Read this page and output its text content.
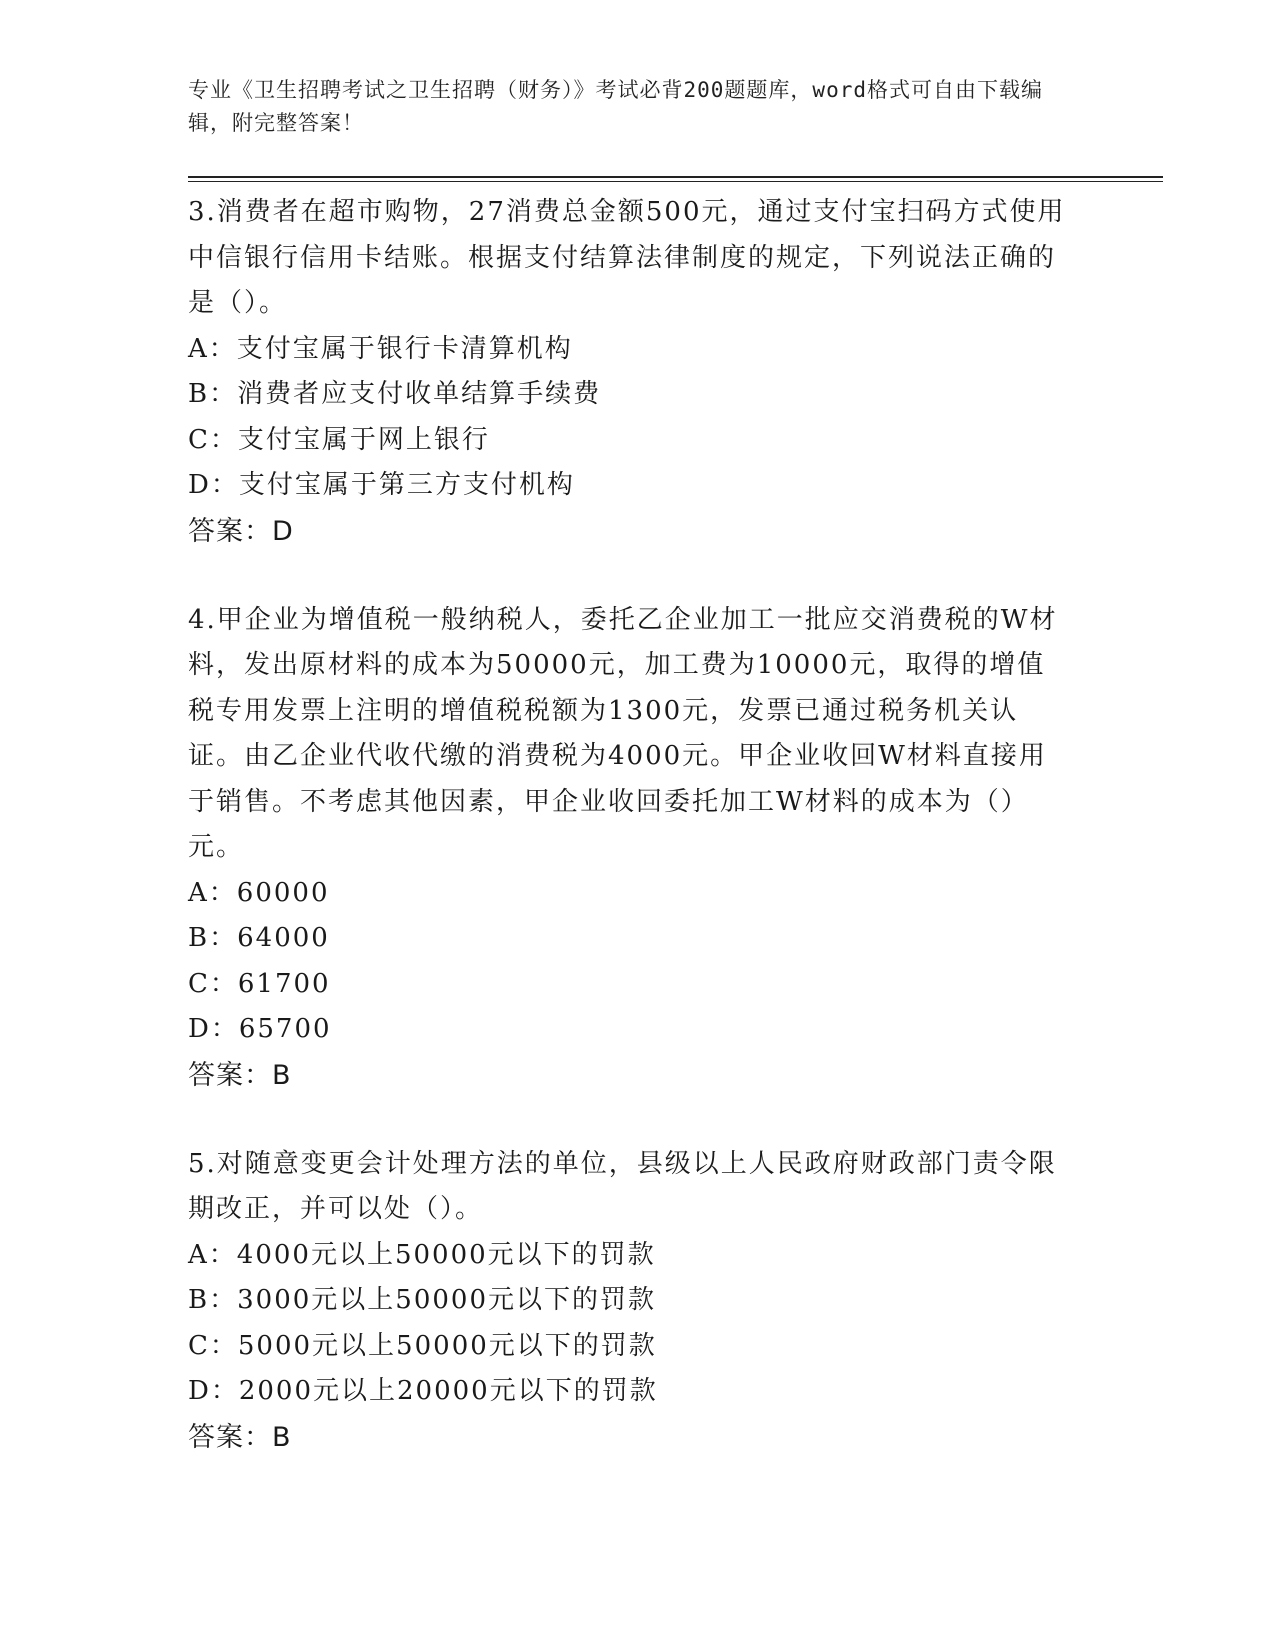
专业《卫生招聘考试之卫生招聘（财务）》考试必背200题题库，word格式可自由下载编辑，附完整答案！

3.消费者在超市购物，27消费总金额500元，通过支付宝扫码方式使用中信银行信用卡结账。根据支付结算法律制度的规定，下列说法正确的是（）。

A：支付宝属于银行卡清算机构

B：消费者应支付收单结算手续费

C：支付宝属于网上银行

D：支付宝属于第三方支付机构

答案：D

4.甲企业为增值税一般纳税人，委托乙企业加工一批应交消费税的W材料，发出原材料的成本为50000元，加工费为10000元，取得的增值税专用发票上注明的增值税税额为1300元，发票已通过税务机关认证。由乙企业代收代缴的消费税为4000元。甲企业收回W材料直接用于销售。不考虑其他因素，甲企业收回委托加工W材料的成本为（）元。

A：60000

B：64000

C：61700

D：65700

答案：B

5.对随意变更会计处理方法的单位，县级以上人民政府财政部门责令限期改正，并可以处（）。

A：4000元以上50000元以下的罚款

B：3000元以上50000元以下的罚款

C：5000元以上50000元以下的罚款

D：2000元以上20000元以下的罚款

答案：B
